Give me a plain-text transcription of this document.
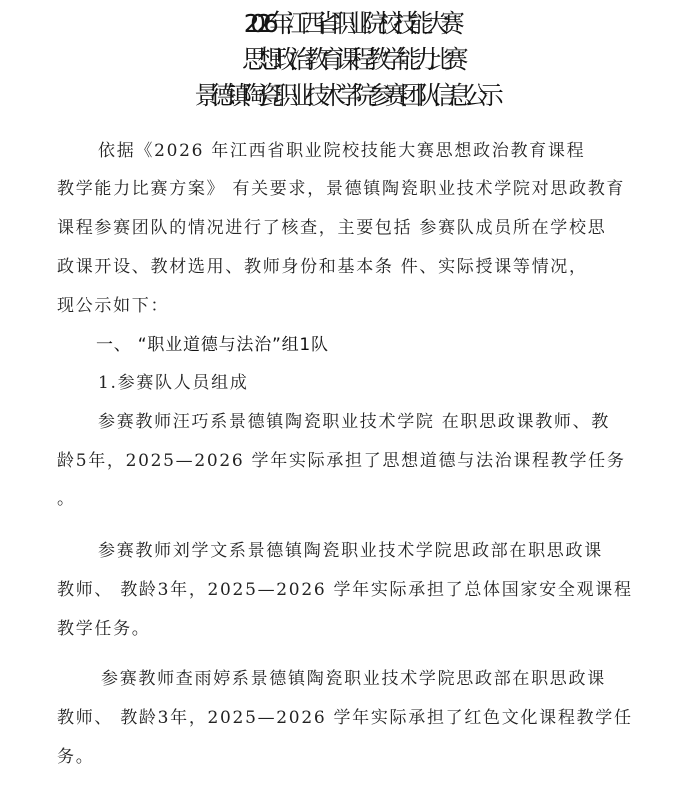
2026年江西省职业院校技能大赛
思想政治教育课程教学能力比赛
景德镇陶瓷职业技术学院参赛团队信息公示
依据《2026 年江西省职业院校技能大赛思想政治教育课程
教学能力比赛方案》 有关要求，景德镇陶瓷职业技术学院对思政教育
课程参赛团队的情况进行了核查，主要包括 参赛队成员所在学校思
政课开设、教材选用、教师身份和基本条 件、实际授课等情况，
现公示如下：
一、 “职业道德与法治”组1队
1.参赛队人员组成
参赛教师汪巧系景德镇陶瓷职业技术学院 在职思政课教师、教
龄5年，2025—2026 学年实际承担了思想道德与法治课程教学任务
。
参赛教师刘学文系景德镇陶瓷职业技术学院思政部在职思政课
教师、 教龄3年，2025—2026 学年实际承担了总体国家安全观课程
教学任务。
参赛教师查雨婷系景德镇陶瓷职业技术学院思政部在职思政课
教师、 教龄3年，2025—2026 学年实际承担了红色文化课程教学任
务。
